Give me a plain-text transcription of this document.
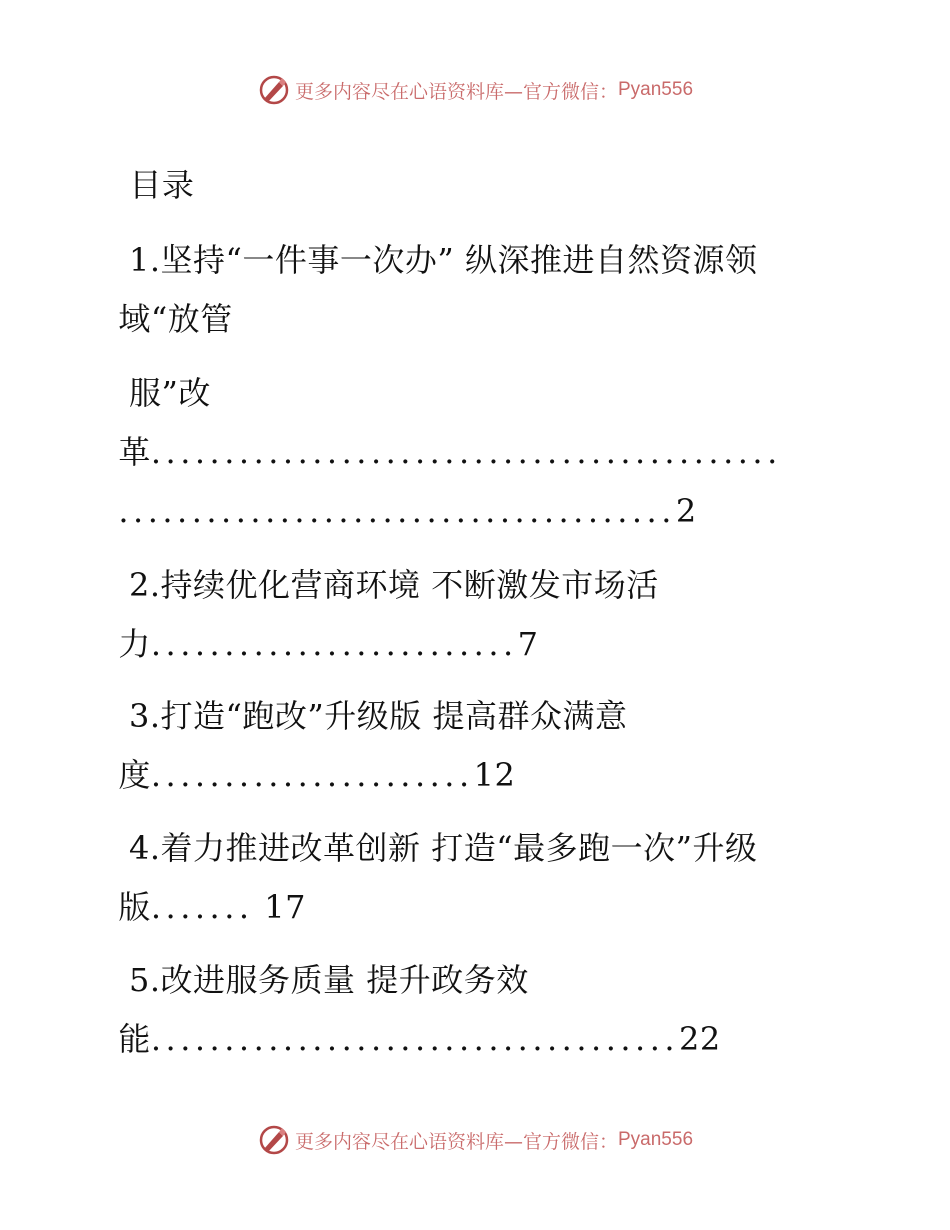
更多内容尽在心语资料库—官方微信： Pyan556

目录

1.坚持“一件事一次办” 纵深推进自然资源领

域“放管

服”改

革...........................................

......................................2

2.持续优化营商环境 不断激发市场活

力.........................7

3.打造“跑改”升级版 提高群众满意

度......................12

4.着力推进改革创新 打造“最多跑一次”升级

版....... 17

5.改进服务质量 提升政务效

能....................................22

更多内容尽在心语资料库—官方微信： Pyan556
